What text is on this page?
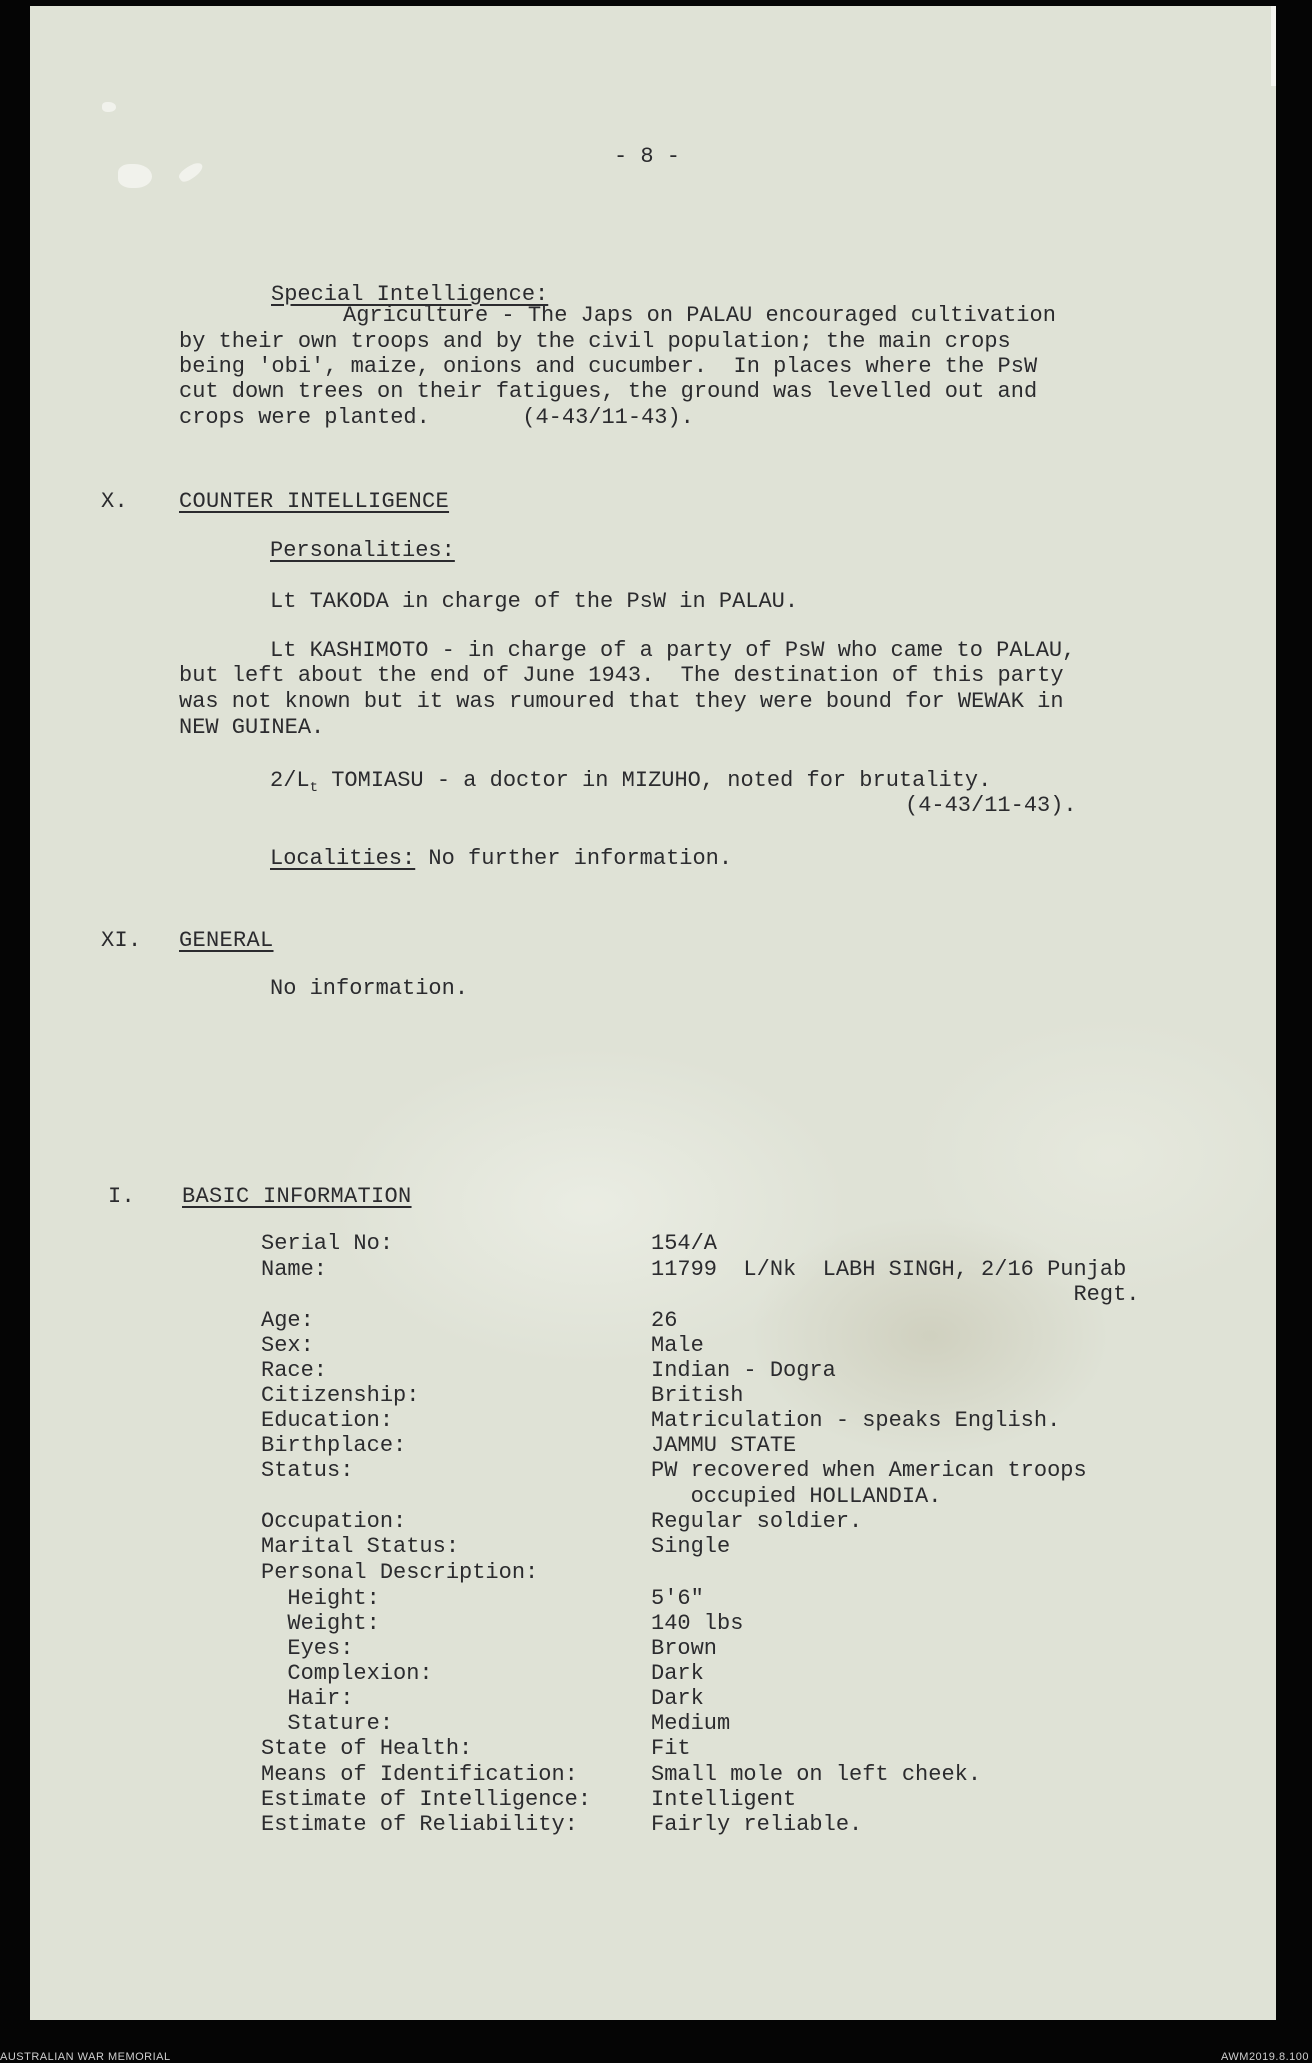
- 8 -

Special Intelligence:

Agriculture - The Japs on PALAU encouraged cultivation

by their own troops and by the civil population; the main crops

being 'obi', maize, onions and cucumber.  In places where the PsW

cut down trees on their fatigues, the ground was levelled out and

crops were planted.       (4-43/11-43).

X. COUNTER INTELLIGENCE

Personalities:

Lt TAKODA in charge of the PsW in PALAU.

Lt KASHIMOTO - in charge of a party of PsW who came to PALAU,

but left about the end of June 1943.  The destination of this party

was not known but it was rumoured that they were bound for WEWAK in

NEW GUINEA.

$2/L_t$ TOMIASU - a doctor in MIZUHO, noted for brutality.

(4-43/11-43).

Localities: No further information.

XI. GENERAL

No information.

I. BASIC INFORMATION

Serial No:	154/A

Name:	11799  L/Nk  LABH SINGH, 2/16 Punjab

Regt.

Age:	26

Sex:	Male

Race:	Indian - Dogra

Citizenship:	British

Education:	Matriculation - speaks English.

Birthplace:	JAMMU STATE

Status:	PW recovered when American troops

occupied HOLLANDIA.

Occupation:	Regular soldier.

Marital Status:	Single

Personal Description:

Height:	5'6"

Weight:	140 lbs

Eyes:	Brown

Complexion:	Dark

Hair:	Dark

Stature:	Medium

State of Health:	Fit

Means of Identification:	Small mole on left cheek.

Estimate of Intelligence:	Intelligent

Estimate of Reliability:	Fairly reliable.

AUSTRALIAN WAR MEMORIAL	AWM2019.8.100
